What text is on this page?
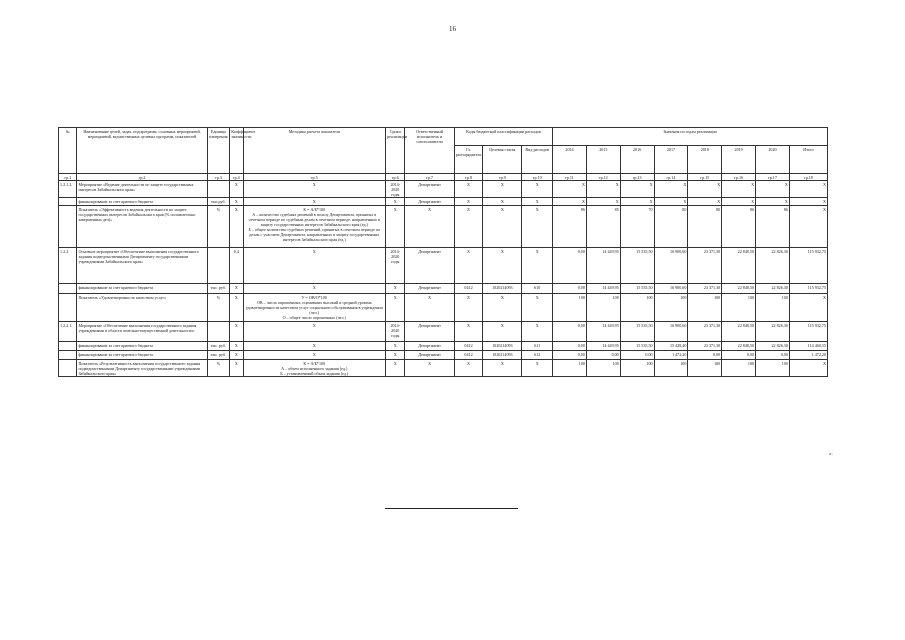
16
№	Наименование целей, задач, подпрограмм, основных мероприятий, мероприятий, ведомственных целевых программ, показателей	Единица измерения	Коэффициент значимости	Методика расчета показателя	Сроки реализации	Ответственный исполнитель и соисполнители	Коды бюджетной классификации расходов			Значения по годам реализации							
							Гл. распорядитель	Целевая статья	Вид расходов	2014	2015	2016	2017	2018	2019	2020	Итого
гр.1	гр.2	гр.3	гр.4	гр.5	гр.6	гр.7	гр.8	гр.9	гр.10	гр.11	гр.12	гр.13	гр.14	гр.15	гр.16	гр.17	гр.18
1.2.1.2.	Мероприятие «Ведение деятельности по защите государственных интересов Забайкальского края»		X	X	2014-2020 годы	Департамент	X	X	X	X	X	X	X	X	X	X	X
	финансирование за счет краевого бюджета	тыс.руб.	X	X	X	Департамент	X	X	X	X	X	X	X	X	X	X	X
	Показатель «Эффективность ведения деятельности по защите государственных интересов Забайкальского края (% положительно завершенных дел)»	%	X	К = А/Б*100
А – количество судебных решений в пользу Департамента, принятых в отчетном периоде по судебным делам в отчетном периоде, направленных в защиту государственных интересов Забайкальского края (ед.)
Б – общее количество судебных решений, принятых в отчетном периоде по делам с участием Департамента, направленных в защиту государственных интересов Забайкальского края (ед.)	X	X	X	X	X	86	85	70	80	80	86	86	X
1.2.2.	Основное мероприятие «Обеспечение выполнения государственного задания подведомственными Департаменту государственными учреждениями Забайкальского края»		0,4	X	2014-2020 годы	Департамент	X	X	X	0,00	14 449,95	15 535,50	16 900,60	23 371,30	22 848,50	22 826,30	115 932,75
	финансирование за счет краевого бюджета	тыс. руб.	X	X	X	Департамент	0412	1020214093	610	0,00	14 449,95	15 535,50	16 900,60	23 371,30	22 848,50	22 826,30	115 932,75
	Показатель «Удовлетворенность качеством услуг»	%	X	У = ОВ/О*100
ОВ – число опрошенных, оценивших высокий и средний уровень удовлетворенности качеством услуг социального обслуживания в учреждении (чел.)
О – общее число опрошенных (чел.)	X	X	X	X	X	100	100	100	100	100	100	100	X
1.2.2.1.	Мероприятие «Обеспечение выполнения государственного задания учреждениями в области земельно-имущественной деятельности»		X	X	2014-2020 годы	Департамент	X	X	X	0,00	14 449,95	15 535,50	16 900,60	23 371,30	22 848,50	22 826,30	115 932,75
	финансирование за счет краевого бюджета	тыс. руб.	X	X	X	Департамент	0412	1020214093	611	0,00	14 449,95	15 535,50	15 428,40	23 371,30	22 848,50	22 826,30	114 460,55
	финансирование за счет краевого бюджета	тыс. руб.	X	X	X	Департамент	0412	1020214093	612	0,00	0,00	0,00	1 472,20	0,00	0,00	0,00	1 472,20
	Показатель «Результативность выполнения государственного задания подведомственными Департаменту государственными учреждениями Забайкальского края»	%	X	К = А/Б*100
А – объем исполненного задания (ед.)
Б – установленный объем задания (ед.)	X	X	X	X	X	100	100	100	100	100	100	100	X
».
